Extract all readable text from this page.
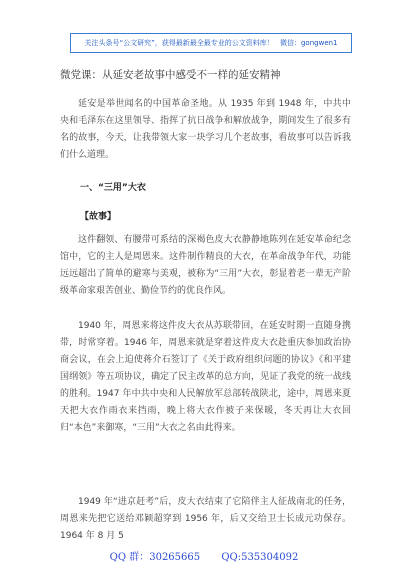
关注头条号“公文研究”，获得最新最全最专业的公文资料库！ 微信：gongwen1
微党课：从延安老故事中感受不一样的延安精神

延安是举世闻名的中国革命圣地。从 1935 年到 1948 年，中共中央和毛泽东在这里领导、指挥了抗日战争和解放战争，期间发生了很多有名的故事，今天，让我带领大家一块学习几个老故事，看故事可以告诉我们什么道理。

一、“三用”大衣
【故事】

这件翻领、有腰带可系结的深褐色皮大衣静静地陈列在延安革命纪念馆中，它的主人是周恩来。这件制作精良的大衣，在革命战争年代，功能远远超出了简单的避寒与美观，被称为“三用”大衣，彰显着老一辈无产阶级革命家艰苦创业、勤俭节约的优良作风。

1940 年，周恩来将这件皮大衣从苏联带回，在延安时期一直随身携带，时常穿着。1946 年，周恩来就是穿着这件皮大衣赴重庆参加政治协商会议，在会上迫使蒋介石签订了《关于政府组织问题的协议》《和平建国纲领》等五项协议，确定了民主改革的总方向，见证了我党的统一战线的胜利。1947 年中共中央和人民解放军总部转战陕北，途中，周恩来夏天把大衣作雨衣来挡雨，晚上将大衣作被子来保暖，冬天再让大衣回归“本色”来御寒，“三用”大衣之名由此得来。

1949 年“进京赶考”后，皮大衣结束了它陪伴主人征战南北的任务，周恩来先把它送给邓颖超穿到 1956 年，后又交给卫士长成元功保存。1964 年 8 月 5

QQ 群：30265665 QQ:535304092
